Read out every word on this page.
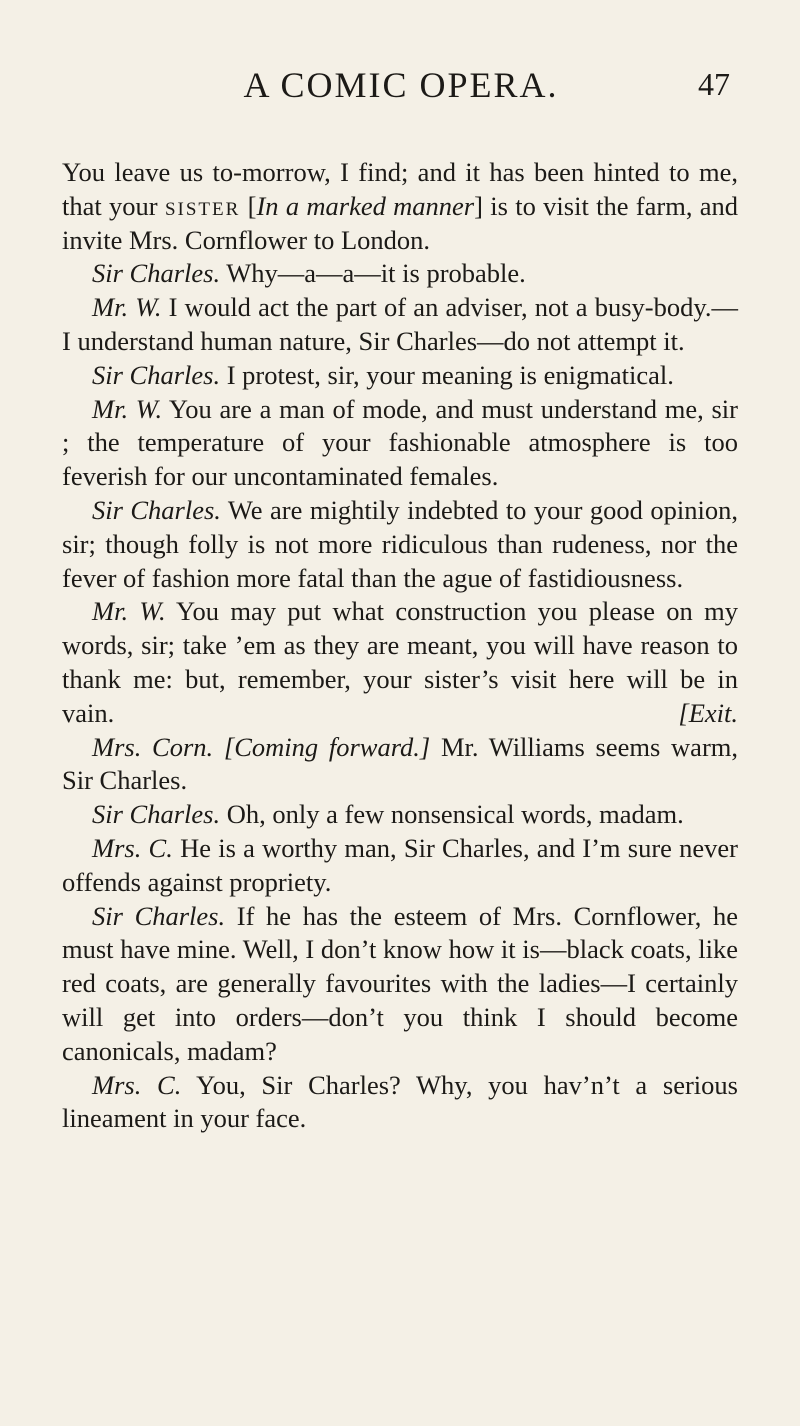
A COMIC OPERA.	47

You leave us to-morrow, I find; and it has been hinted to me, that your sister [In a marked manner] is to visit the farm, and invite Mrs. Cornflower to London.

Sir Charles. Why—a—a—it is probable.

Mr. W. I would act the part of an adviser, not a busy-body.—I understand human nature, Sir Charles—do not attempt it.

Sir Charles. I protest, sir, your meaning is enigmatical.

Mr. W. You are a man of mode, and must understand me, sir ; the temperature of your fashionable atmosphere is too feverish for our uncontaminated females.

Sir Charles. We are mightily indebted to your good opinion, sir; though folly is not more ridiculous than rudeness, nor the fever of fashion more fatal than the ague of fastidiousness.

Mr. W. You may put what construction you please on my words, sir; take ’em as they are meant, you will have reason to thank me: but, remember, your sister’s visit here will be in vain.	[Exit.

Mrs. Corn. [Coming forward.] Mr. Williams seems warm, Sir Charles.

Sir Charles. Oh, only a few nonsensical words, madam.

Mrs. C. He is a worthy man, Sir Charles, and I’m sure never offends against propriety.

Sir Charles. If he has the esteem of Mrs. Cornflower, he must have mine. Well, I don’t know how it is—black coats, like red coats, are generally favourites with the ladies—I certainly will get into orders—don’t you think I should become canonicals, madam?

Mrs. C. You, Sir Charles? Why, you hav’n’t a serious lineament in your face.
